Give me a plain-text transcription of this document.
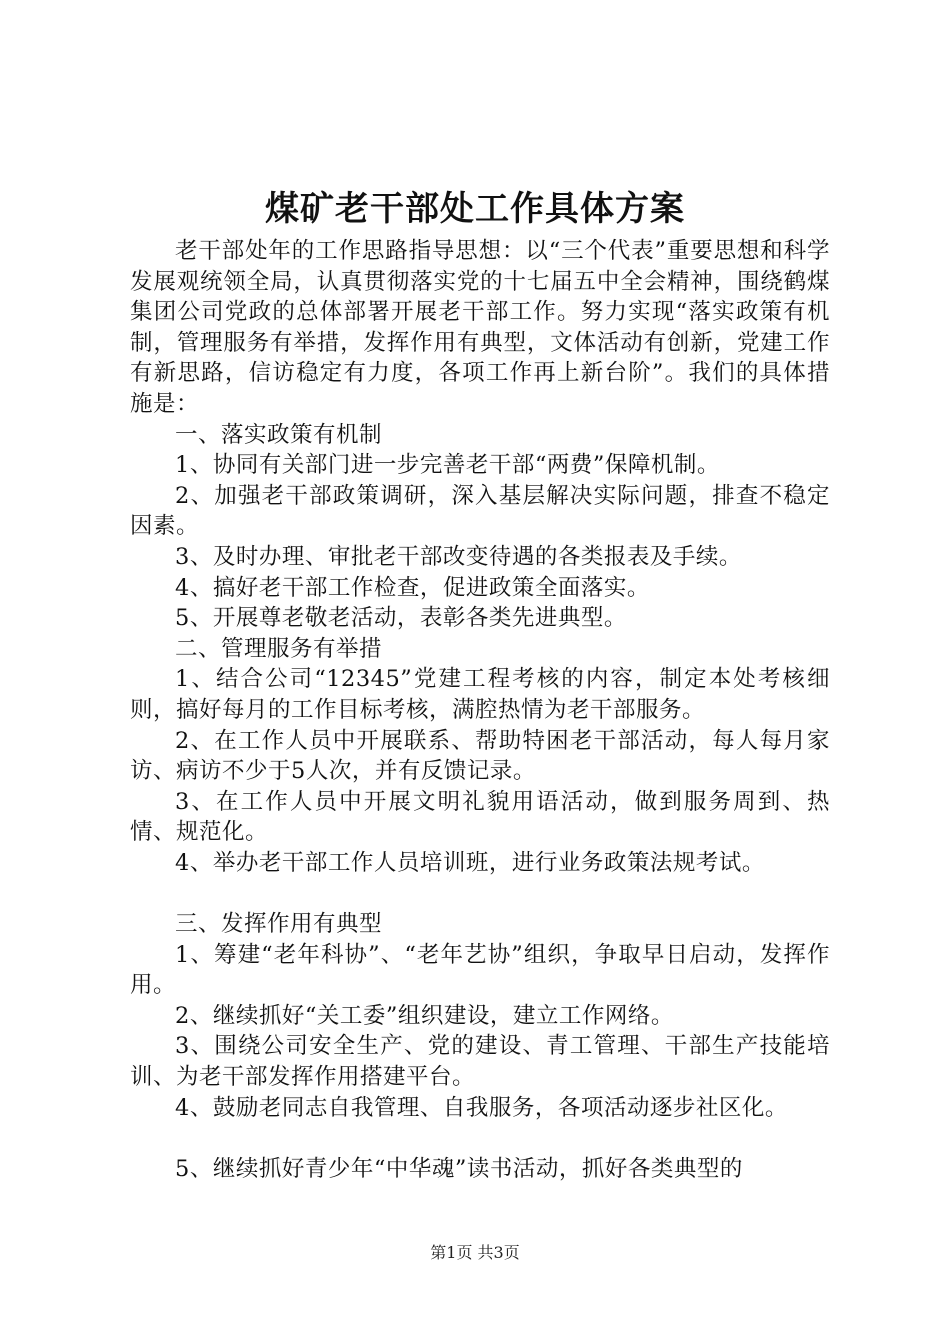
煤矿老干部处工作具体方案

老干部处年的工作思路指导思想：以“三个代表”重要思想和科学发展观统领全局，认真贯彻落实党的十七届五中全会精神，围绕鹤煤集团公司党政的总体部署开展老干部工作。努力实现“落实政策有机制，管理服务有举措，发挥作用有典型，文体活动有创新，党建工作有新思路，信访稳定有力度，各项工作再上新台阶”。我们的具体措施是：

一、落实政策有机制

1、协同有关部门进一步完善老干部“两费”保障机制。

2、加强老干部政策调研，深入基层解决实际问题，排查不稳定因素。

3、及时办理、审批老干部改变待遇的各类报表及手续。

4、搞好老干部工作检查，促进政策全面落实。

5、开展尊老敬老活动，表彰各类先进典型。

二、管理服务有举措

1、结合公司“12345”党建工程考核的内容，制定本处考核细则，搞好每月的工作目标考核，满腔热情为老干部服务。

2、在工作人员中开展联系、帮助特困老干部活动，每人每月家访、病访不少于5人次，并有反馈记录。

3、在工作人员中开展文明礼貌用语活动，做到服务周到、热情、规范化。

4、举办老干部工作人员培训班，进行业务政策法规考试。

三、发挥作用有典型

1、筹建“老年科协”、“老年艺协”组织，争取早日启动，发挥作用。

2、继续抓好“关工委”组织建设，建立工作网络。

3、围绕公司安全生产、党的建设、青工管理、干部生产技能培训、为老干部发挥作用搭建平台。

4、鼓励老同志自我管理、自我服务，各项活动逐步社区化。

5、继续抓好青少年“中华魂”读书活动，抓好各类典型的

第1页 共3页
